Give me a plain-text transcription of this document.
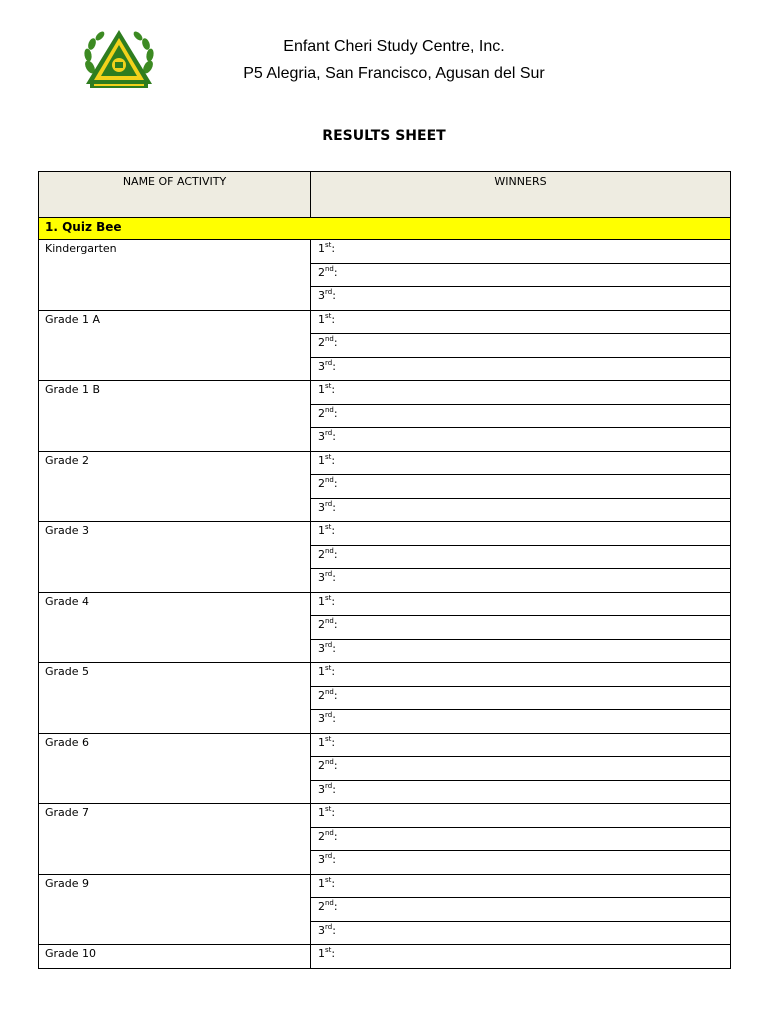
Enfant Cheri Study Centre, Inc.
P5 Alegria, San Francisco, Agusan del Sur
RESULTS SHEET
NAME OF ACTIVITY	WINNERS

1. Quiz Bee	
Kindergarten	1st:
	2nd:
	3rd:
Grade 1 A	1st:
	2nd:
	3rd:
Grade 1 B	1st:
	2nd:
	3rd:
Grade 2	1st:
	2nd:
	3rd:
Grade 3	1st:
	2nd:
	3rd:
Grade 4	1st:
	2nd:
	3rd:
Grade 5	1st:
	2nd:
	3rd:
Grade 6	1st:
	2nd:
	3rd:
Grade 7	1st:
	2nd:
	3rd:
Grade 9	1st:
	2nd:
	3rd:
Grade 10	1st:
